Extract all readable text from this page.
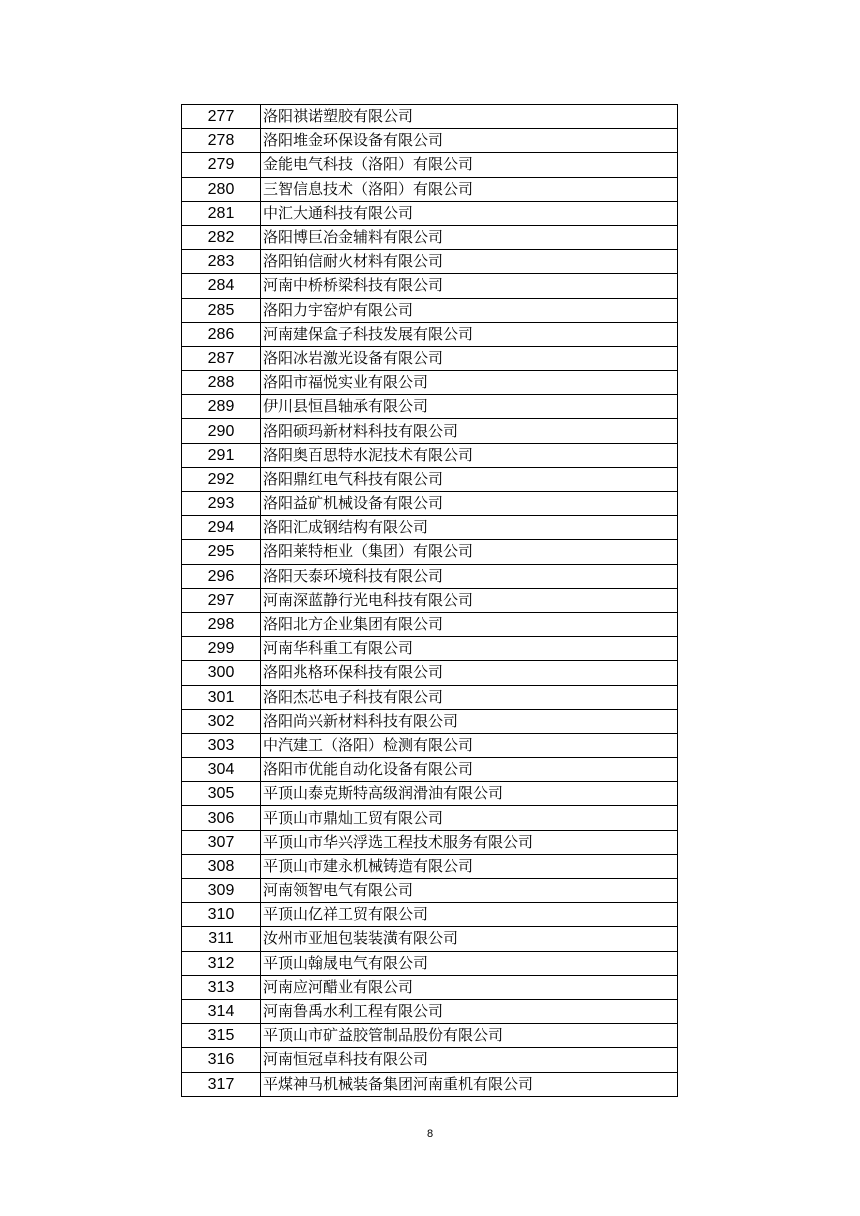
277	洛阳祺诺塑胶有限公司
278	洛阳堆金环保设备有限公司
279	金能电气科技（洛阳）有限公司
280	三智信息技术（洛阳）有限公司
281	中汇大通科技有限公司
282	洛阳博巨冶金辅料有限公司
283	洛阳铂信耐火材料有限公司
284	河南中桥桥梁科技有限公司
285	洛阳力宇窑炉有限公司
286	河南建保盒子科技发展有限公司
287	洛阳冰岩激光设备有限公司
288	洛阳市福悦实业有限公司
289	伊川县恒昌轴承有限公司
290	洛阳硕玛新材料科技有限公司
291	洛阳奥百思特水泥技术有限公司
292	洛阳鼎红电气科技有限公司
293	洛阳益矿机械设备有限公司
294	洛阳汇成钢结构有限公司
295	洛阳莱特柜业（集团）有限公司
296	洛阳天泰环境科技有限公司
297	河南深蓝静行光电科技有限公司
298	洛阳北方企业集团有限公司
299	河南华科重工有限公司
300	洛阳兆格环保科技有限公司
301	洛阳杰芯电子科技有限公司
302	洛阳尚兴新材料科技有限公司
303	中汽建工（洛阳）检测有限公司
304	洛阳市优能自动化设备有限公司
305	平顶山泰克斯特高级润滑油有限公司
306	平顶山市鼎灿工贸有限公司
307	平顶山市华兴浮选工程技术服务有限公司
308	平顶山市建永机械铸造有限公司
309	河南领智电气有限公司
310	平顶山亿祥工贸有限公司
311	汝州市亚旭包装装潢有限公司
312	平顶山翰晟电气有限公司
313	河南应河醋业有限公司
314	河南鲁禹水利工程有限公司
315	平顶山市矿益胶管制品股份有限公司
316	河南恒冠卓科技有限公司
317	平煤神马机械装备集团河南重机有限公司
8
